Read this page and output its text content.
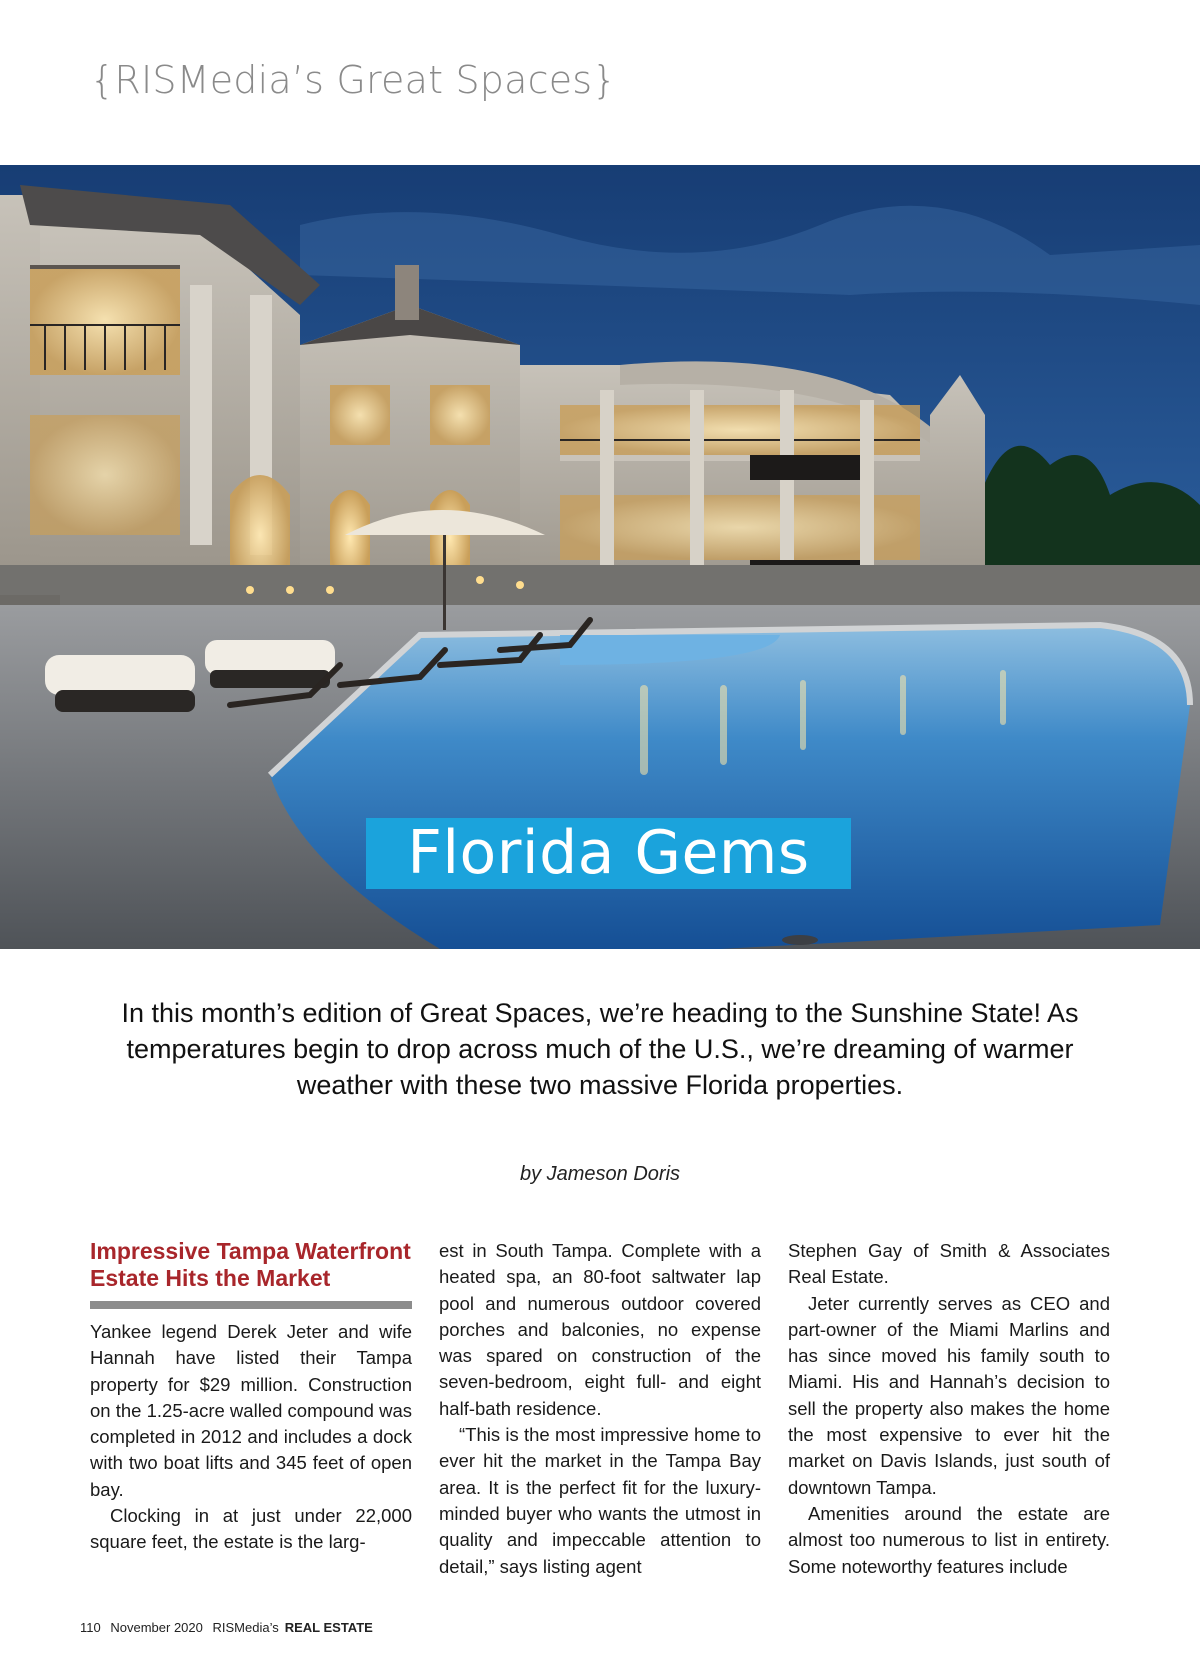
{RISMedia’s Great Spaces}
Florida Gems
In this month’s edition of Great Spaces, we’re heading to the Sunshine State! As temperatures begin to drop across much of the U.S., we’re dreaming of warmer weather with these two massive Florida properties.
by Jameson Doris
Impressive Tampa Waterfront Estate Hits the Market

Yankee legend Derek Jeter and wife Hannah have listed their Tampa property for $29 million. Construction on the 1.25-acre walled compound was completed in 2012 and includes a dock with two boat lifts and 345 feet of open bay.

Clocking in at just under 22,000 square feet, the estate is the larg-

est in South Tampa. Complete with a heated spa, an 80-foot saltwater lap pool and numerous outdoor covered porches and balconies, no expense was spared on construction of the seven-bedroom, eight full- and eight half-bath residence.

“This is the most impressive home to ever hit the market in the Tampa Bay area. It is the perfect fit for the luxury-minded buyer who wants the utmost in quality and impeccable attention to detail,” says listing agent

Stephen Gay of Smith & Associates Real Estate.

Jeter currently serves as CEO and part-owner of the Miami Marlins and has since moved his family south to Miami. His and Hannah’s decision to sell the property also makes the home the most expensive to ever hit the market on Davis Islands, just south of downtown Tampa.

Amenities around the estate are almost too numerous to list in entirety. Some noteworthy features include

110 November 2020 RISMedia’s REAL ESTATE
